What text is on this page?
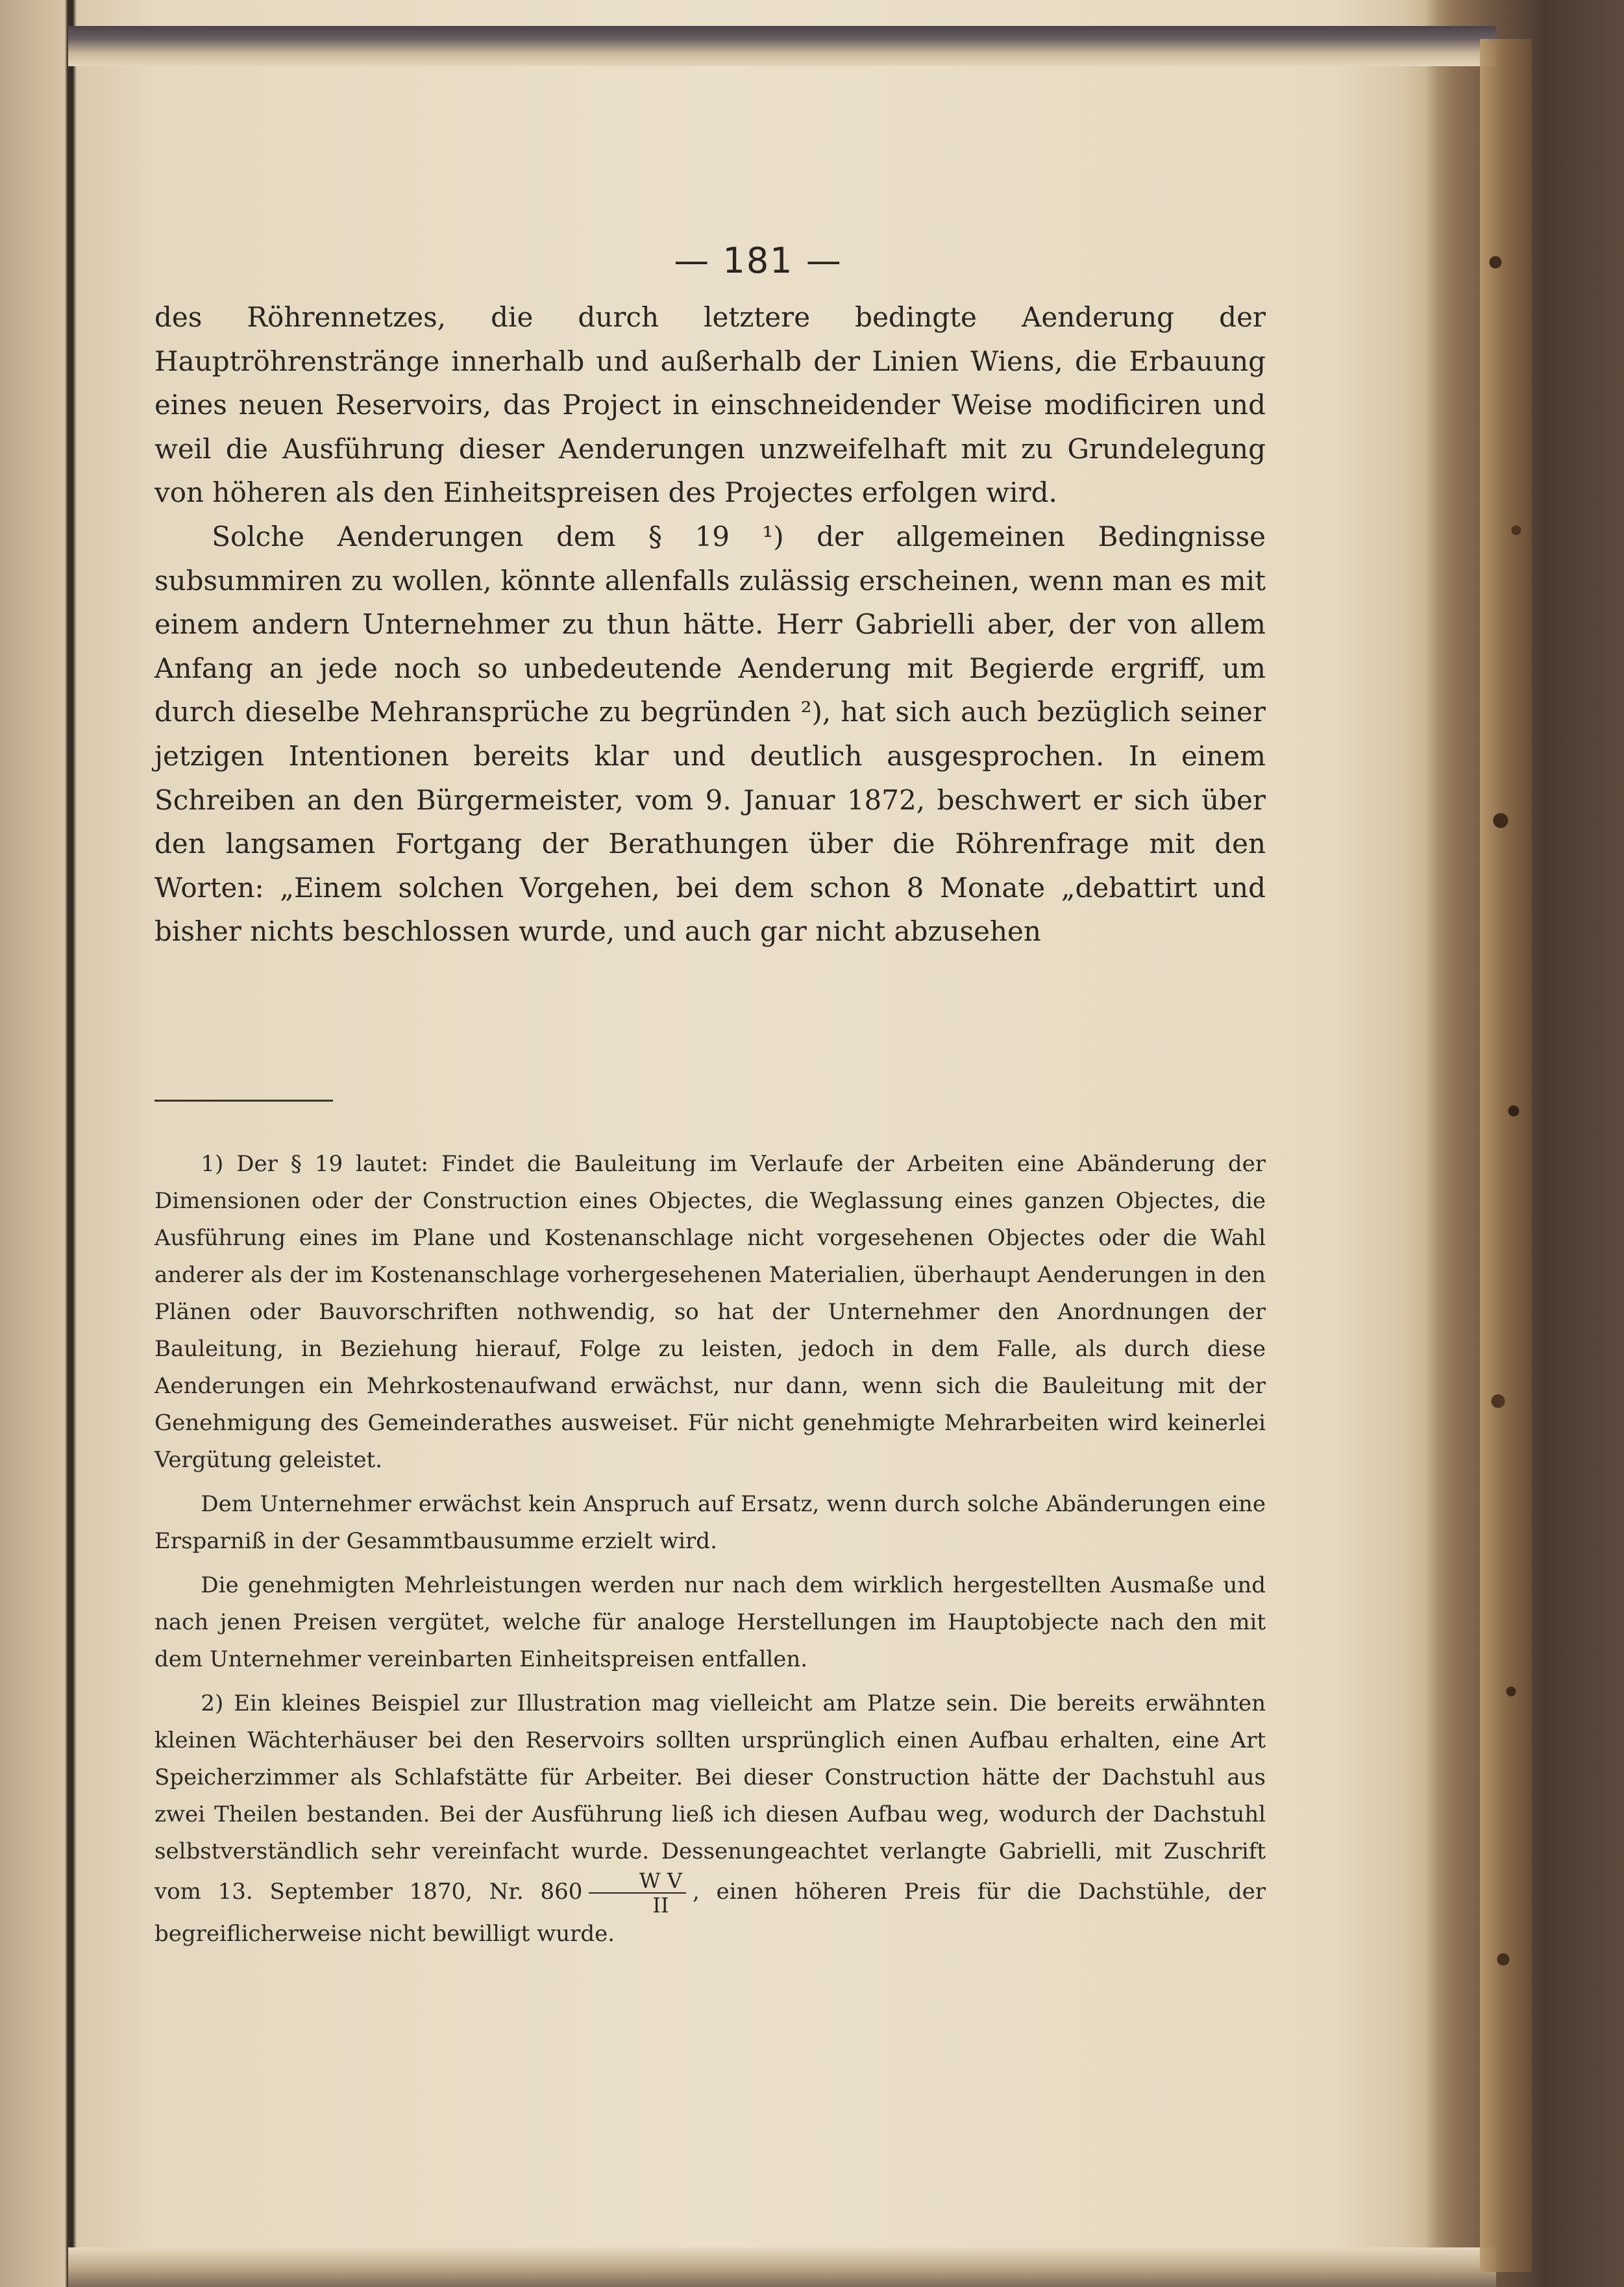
— 181 —

des Röhrennetzes, die durch letztere bedingte Aenderung der Hauptröhrenstränge innerhalb und außerhalb der Linien Wiens, die Erbauung eines neuen Reservoirs, das Project in einschneidender Weise modificiren und weil die Ausführung dieser Aenderungen unzweifelhaft mit zu Grundelegung von höheren als den Einheitspreisen des Projectes erfolgen wird.

Solche Aenderungen dem § 19 ¹) der allgemeinen Bedingnisse subsummiren zu wollen, könnte allenfalls zulässig erscheinen, wenn man es mit einem andern Unternehmer zu thun hätte. Herr Gabrielli aber, der von allem Anfang an jede noch so unbedeutende Aenderung mit Begierde ergriff, um durch dieselbe Mehransprüche zu begründen ²), hat sich auch bezüglich seiner jetzigen Intentionen bereits klar und deutlich ausgesprochen. In einem Schreiben an den Bürgermeister, vom 9. Januar 1872, beschwert er sich über den langsamen Fortgang der Berathungen über die Röhrenfrage mit den Worten: „Einem solchen Vorgehen, bei dem schon 8 Monate „debattirt und bisher nichts beschlossen wurde, und auch gar nicht abzusehen

1) Der § 19 lautet: Findet die Bauleitung im Verlaufe der Arbeiten eine Abänderung der Dimensionen oder der Construction eines Objectes, die Weglassung eines ganzen Objectes, die Ausführung eines im Plane und Kostenanschlage nicht vorgesehenen Objectes oder die Wahl anderer als der im Kostenanschlage vorhergesehenen Materialien, überhaupt Aenderungen in den Plänen oder Bauvorschriften nothwendig, so hat der Unternehmer den Anordnungen der Bauleitung, in Beziehung hierauf, Folge zu leisten, jedoch in dem Falle, als durch diese Aenderungen ein Mehrkostenaufwand erwächst, nur dann, wenn sich die Bauleitung mit der Genehmigung des Gemeinderathes ausweiset. Für nicht genehmigte Mehrarbeiten wird keinerlei Vergütung geleistet.

Dem Unternehmer erwächst kein Anspruch auf Ersatz, wenn durch solche Abänderungen eine Ersparniß in der Gesammtbausumme erzielt wird.

Die genehmigten Mehrleistungen werden nur nach dem wirklich hergestellten Ausmaße und nach jenen Preisen vergütet, welche für analoge Herstellungen im Hauptobjecte nach den mit dem Unternehmer vereinbarten Einheitspreisen entfallen.

2) Ein kleines Beispiel zur Illustration mag vielleicht am Platze sein. Die bereits erwähnten kleinen Wächterhäuser bei den Reservoirs sollten ursprünglich einen Aufbau erhalten, eine Art Speicherzimmer als Schlafstätte für Arbeiter. Bei dieser Construction hätte der Dachstuhl aus zwei Theilen bestanden. Bei der Ausführung ließ ich diesen Aufbau weg, wodurch der Dachstuhl selbstverständlich sehr vereinfacht wurde. Dessenungeachtet verlangte Gabrielli, mit Zuschrift vom 13. September 1870, Nr. $860 \frac{\text{W V}}{II}$ , einen höheren Preis für die Dachstühle, der begreiflicherweise nicht bewilligt wurde.
